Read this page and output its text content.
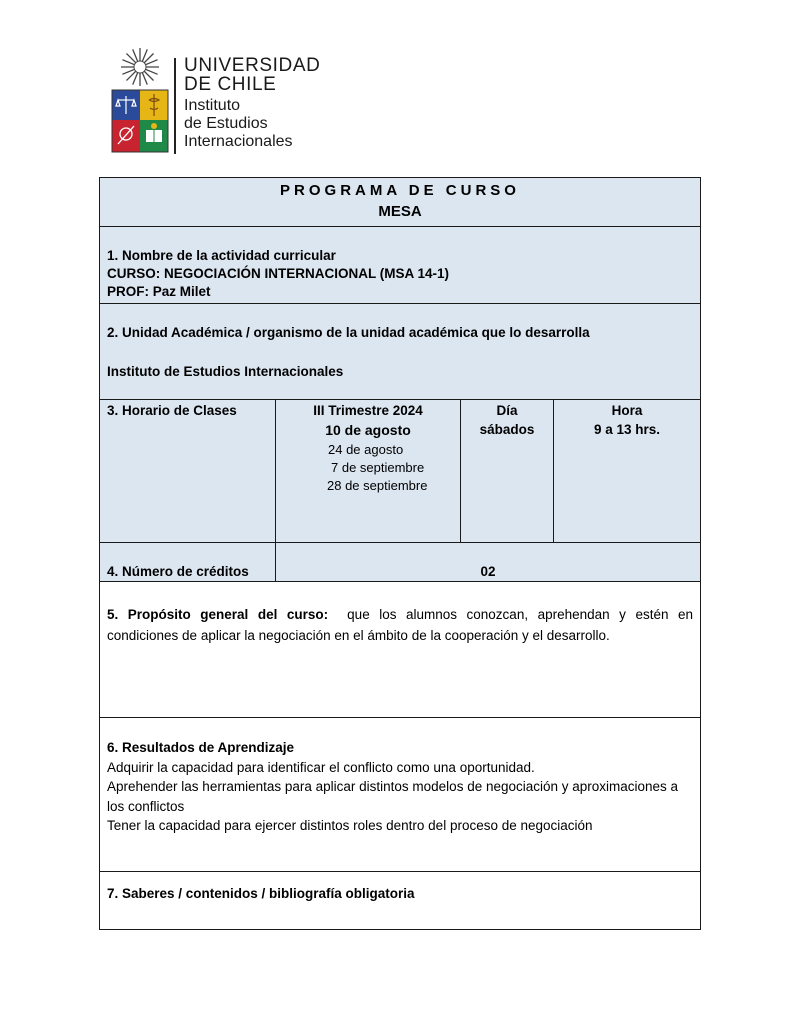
UNIVERSIDAD
DE CHILE
Instituto
de Estudios
Internacionales
PROGRAMA DE CURSO
MESA
1. Nombre de la actividad curricular
CURSO: NEGOCIACIÓN INTERNACIONAL (MSA 14-1)
PROF: Paz Milet
2. Unidad Académica / organismo de la unidad académica que lo desarrolla
Instituto de Estudios Internacionales
3. Horario de Clases	III Trimestre 2024
10 de agosto
24 de agosto
7 de septiembre
28 de septiembre
Día
sábados
Hora
9 a 13 hrs.
4. Número de créditos	02
5. Propósito general del curso: que los alumnos conozcan, aprehendan y estén en condiciones de aplicar la negociación en el ámbito de la cooperación y el desarrollo.
6. Resultados de Aprendizaje
Adquirir la capacidad para identificar el conflicto como una oportunidad.
Aprehender las herramientas para aplicar distintos modelos de negociación y aproximaciones a los conflictos
Tener la capacidad para ejercer distintos roles dentro del proceso de negociación
7. Saberes / contenidos / bibliografía obligatoria
